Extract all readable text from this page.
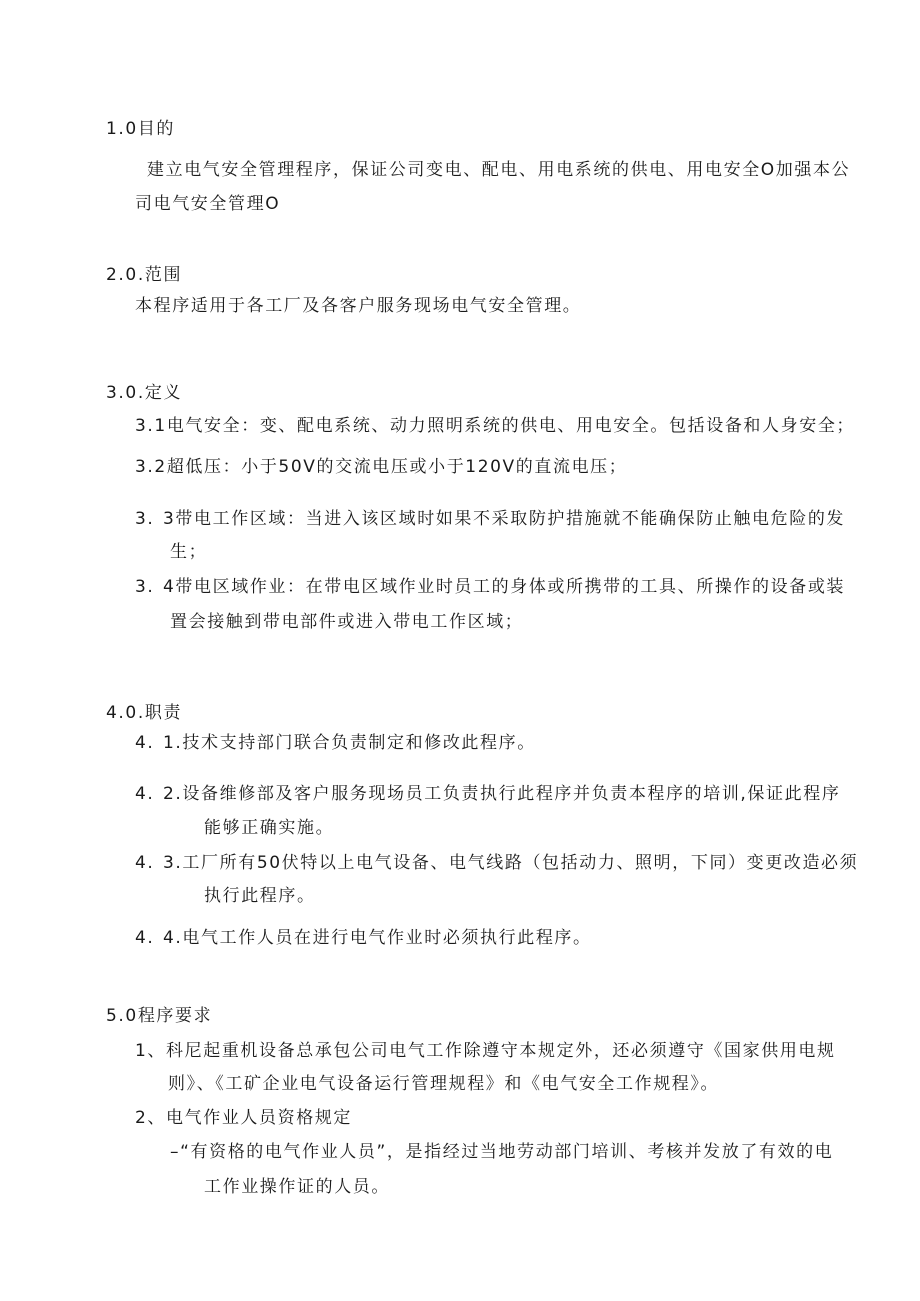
1.0目的
建立电气安全管理程序，保证公司变电、配电、用电系统的供电、用电安全O加强本公
司电气安全管理O
2.0.范围
本程序适用于各工厂及各客户服务现场电气安全管理。
3.0.定义
3.1电气安全：变、配电系统、动力照明系统的供电、用电安全。包括设备和人身安全；
3.2超低压：小于50V的交流电压或小于120V的直流电压；
3. 3带电工作区域：当进入该区域时如果不采取防护措施就不能确保防止触电危险的发
生；
3. 4带电区域作业：在带电区域作业时员工的身体或所携带的工具、所操作的设备或装
置会接触到带电部件或进入带电工作区域；
4.0.职责
4. 1.技术支持部门联合负责制定和修改此程序。
4. 2.设备维修部及客户服务现场员工负责执行此程序并负责本程序的培训,保证此程序
能够正确实施。
4. 3.工厂所有50伏特以上电气设备、电气线路（包括动力、照明，下同）变更改造必须
执行此程序。
4. 4.电气工作人员在进行电气作业时必须执行此程序。
5.0程序要求
1、科尼起重机设备总承包公司电气工作除遵守本规定外，还必须遵守《国家供用电规
则》、《工矿企业电气设备运行管理规程》和《电气安全工作规程》。
2、电气作业人员资格规定
–“有资格的电气作业人员”，是指经过当地劳动部门培训、考核并发放了有效的电
工作业操作证的人员。
